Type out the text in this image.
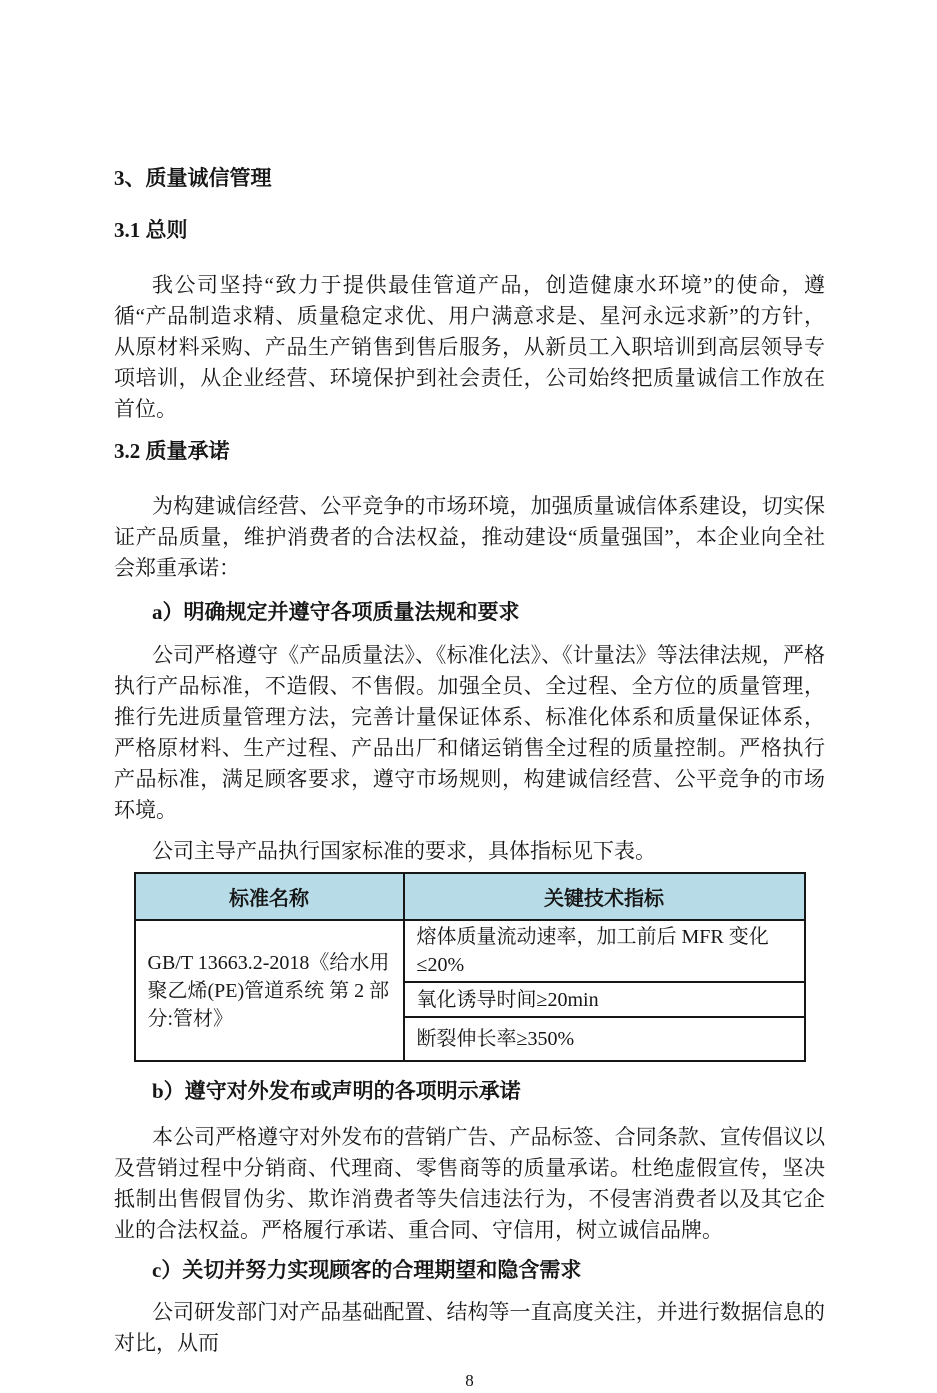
3、质量诚信管理
3.1 总则

我公司坚持“致力于提供最佳管道产品，创造健康水环境”的使命，遵循“产品制造求精、质量稳定求优、用户满意求是、星河永远求新”的方针，从原材料采购、产品生产销售到售后服务，从新员工入职培训到高层领导专项培训，从企业经营、环境保护到社会责任，公司始终把质量诚信工作放在首位。

3.2 质量承诺

为构建诚信经营、公平竞争的市场环境，加强质量诚信体系建设，切实保证产品质量，维护消费者的合法权益，推动建设“质量强国”，本企业向全社会郑重承诺：

a）明确规定并遵守各项质量法规和要求

公司严格遵守《产品质量法》、《标准化法》、《计量法》等法律法规，严格执行产品标准，不造假、不售假。加强全员、全过程、全方位的质量管理，推行先进质量管理方法，完善计量保证体系、标准化体系和质量保证体系，严格原材料、生产过程、产品出厂和储运销售全过程的质量控制。严格执行产品标准，满足顾客要求，遵守市场规则，构建诚信经营、公平竞争的市场环境。

公司主导产品执行国家标准的要求，具体指标见下表。

标准名称	关键技术指标
GB/T 13663.2-2018《给水用聚乙烯(PE)管道系统 第 2 部分:管材》	熔体质量流动速率，加工前后 MFR 变化≤20%
	氧化诱导时间≥20min
	断裂伸长率≥350%
b）遵守对外发布或声明的各项明示承诺

本公司严格遵守对外发布的营销广告、产品标签、合同条款、宣传倡议以及营销过程中分销商、代理商、零售商等的质量承诺。杜绝虚假宣传，坚决抵制出售假冒伪劣、欺诈消费者等失信违法行为，不侵害消费者以及其它企业的合法权益。严格履行承诺、重合同、守信用，树立诚信品牌。

c）关切并努力实现顾客的合理期望和隐含需求

公司研发部门对产品基础配置、结构等一直高度关注，并进行数据信息的对比，从而

8
